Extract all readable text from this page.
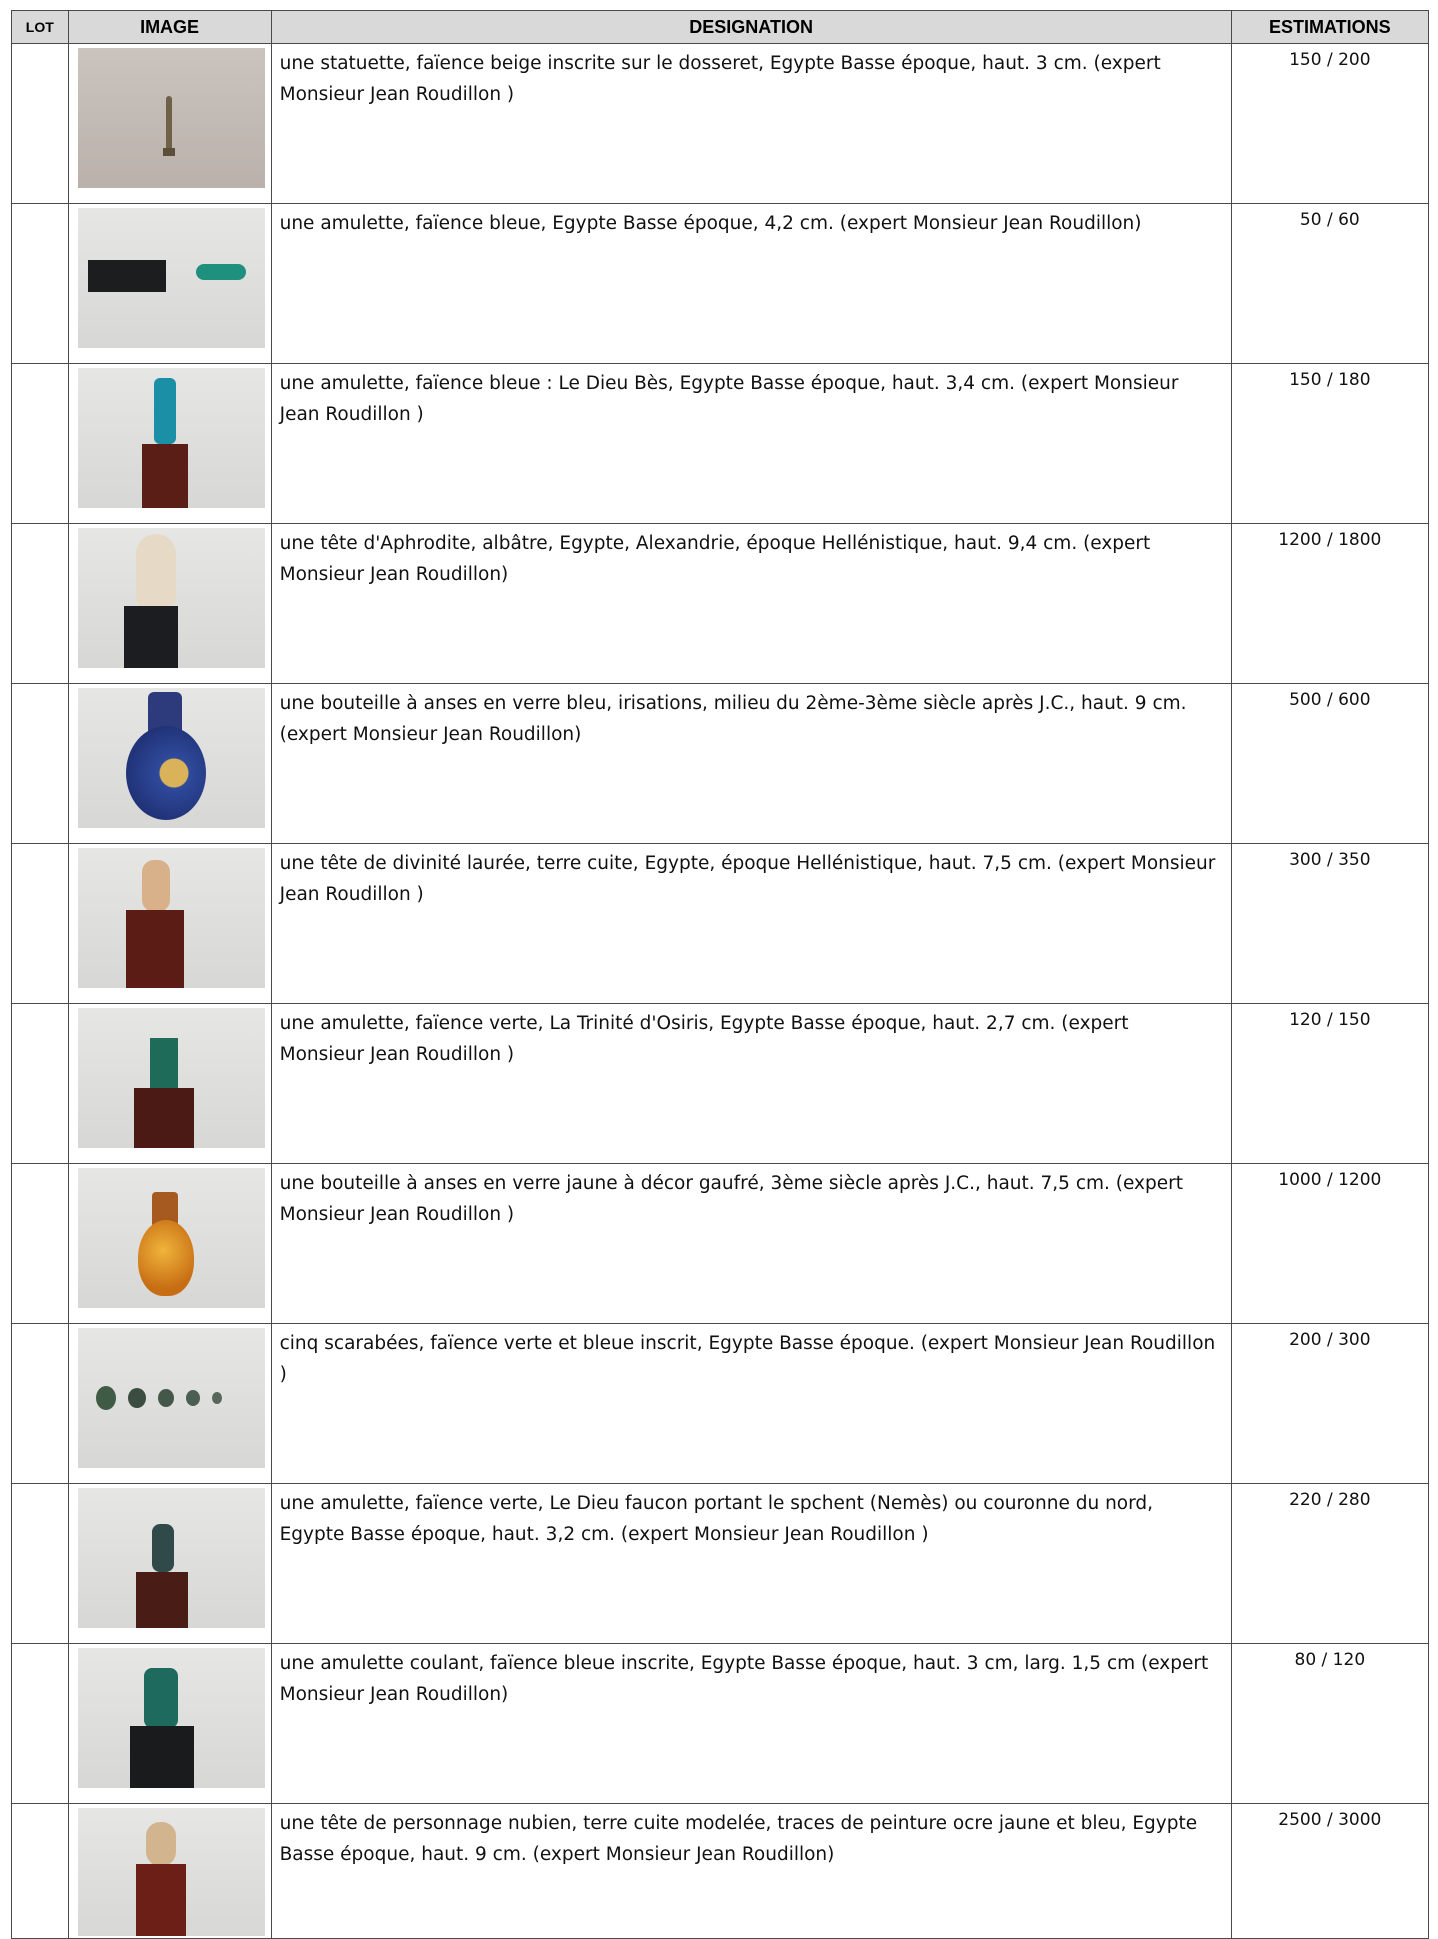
LOT	IMAGE	DESIGNATION	ESTIMATIONS

	une statuette, faïence beige inscrite sur le dosseret, Egypte Basse époque, haut. 3 cm. (expert Monsieur Jean Roudillon )	150 / 200

	une amulette, faïence bleue, Egypte Basse époque, 4,2 cm. (expert Monsieur Jean Roudillon)	50 / 60

	une amulette, faïence bleue : Le Dieu Bès, Egypte Basse époque, haut. 3,4 cm. (expert Monsieur Jean Roudillon )	150 / 180

	une tête d'Aphrodite, albâtre, Egypte, Alexandrie, époque Hellénistique, haut. 9,4 cm. (expert Monsieur Jean Roudillon)	1200 / 1800

	une bouteille à anses en verre bleu, irisations, milieu du 2ème-3ème siècle après J.C., haut. 9 cm. (expert Monsieur Jean Roudillon)	500 / 600

	une tête de divinité laurée, terre cuite, Egypte, époque Hellénistique, haut. 7,5 cm. (expert Monsieur Jean Roudillon )	300 / 350

	une amulette, faïence verte, La Trinité d'Osiris, Egypte Basse époque, haut. 2,7 cm. (expert Monsieur Jean Roudillon )	120 / 150

	une bouteille à anses en verre jaune à décor gaufré, 3ème siècle après J.C., haut. 7,5 cm. (expert Monsieur Jean Roudillon )	1000 / 1200

	cinq scarabées, faïence verte et bleue inscrit, Egypte Basse époque. (expert Monsieur Jean Roudillon )	200 / 300

	une amulette, faïence verte, Le Dieu faucon portant le spchent (Nemès) ou couronne du nord, Egypte Basse époque, haut. 3,2 cm. (expert Monsieur Jean Roudillon )	220 / 280

	une amulette coulant, faïence bleue inscrite, Egypte Basse époque, haut. 3 cm, larg. 1,5 cm (expert Monsieur Jean Roudillon)	80 / 120

	une tête de personnage nubien, terre cuite modelée, traces de peinture ocre jaune et bleu, Egypte Basse époque, haut. 9 cm. (expert Monsieur Jean Roudillon)	2500 / 3000
